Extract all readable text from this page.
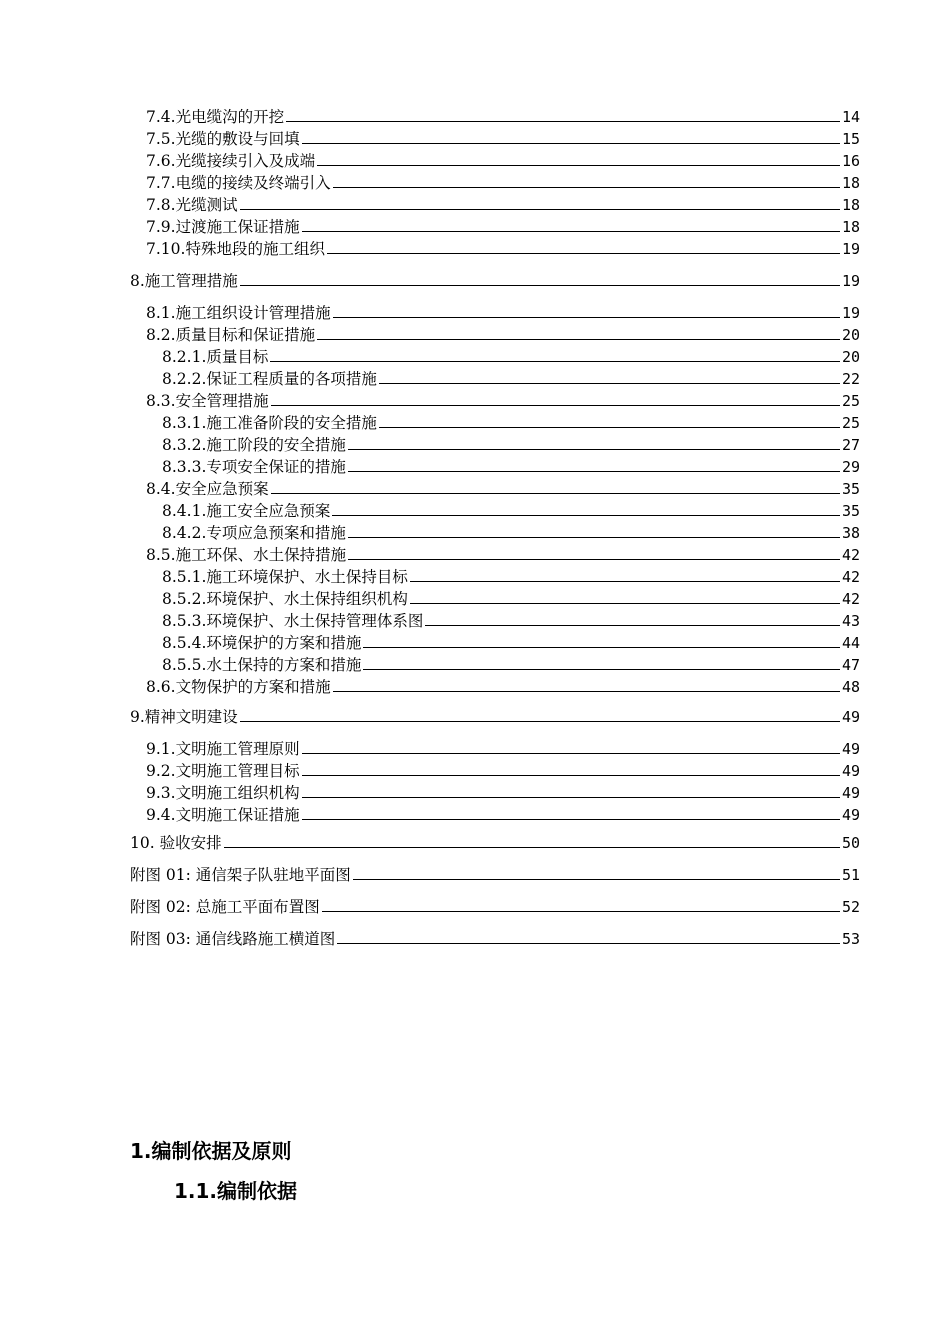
7.4.光电缆沟的开挖	14
7.5.光缆的敷设与回填	15
7.6.光缆接续引入及成端	16
7.7.电缆的接续及终端引入	18
7.8.光缆测试	18
7.9.过渡施工保证措施	18
7.10.特殊地段的施工组织	19
8.施工管理措施	19
8.1.施工组织设计管理措施	19
8.2.质量目标和保证措施	20
8.2.1.质量目标	20
8.2.2.保证工程质量的各项措施	22
8.3.安全管理措施	25
8.3.1.施工准备阶段的安全措施	25
8.3.2.施工阶段的安全措施	27
8.3.3.专项安全保证的措施	29
8.4.安全应急预案	35
8.4.1.施工安全应急预案	35
8.4.2.专项应急预案和措施	38
8.5.施工环保、水土保持措施	42
8.5.1.施工环境保护、水土保持目标	42
8.5.2.环境保护、水土保持组织机构	42
8.5.3.环境保护、水土保持管理体系图	43
8.5.4.环境保护的方案和措施	44
8.5.5.水土保持的方案和措施	47
8.6.文物保护的方案和措施	48
9.精神文明建设	49
9.1.文明施工管理原则	49
9.2.文明施工管理目标	49
9.3.文明施工组织机构	49
9.4.文明施工保证措施	49
10. 验收安排	50
附图 01: 通信架子队驻地平面图	51
附图 02: 总施工平面布置图	52
附图 03: 通信线路施工横道图	53
1.编制依据及原则
1.1.编制依据
